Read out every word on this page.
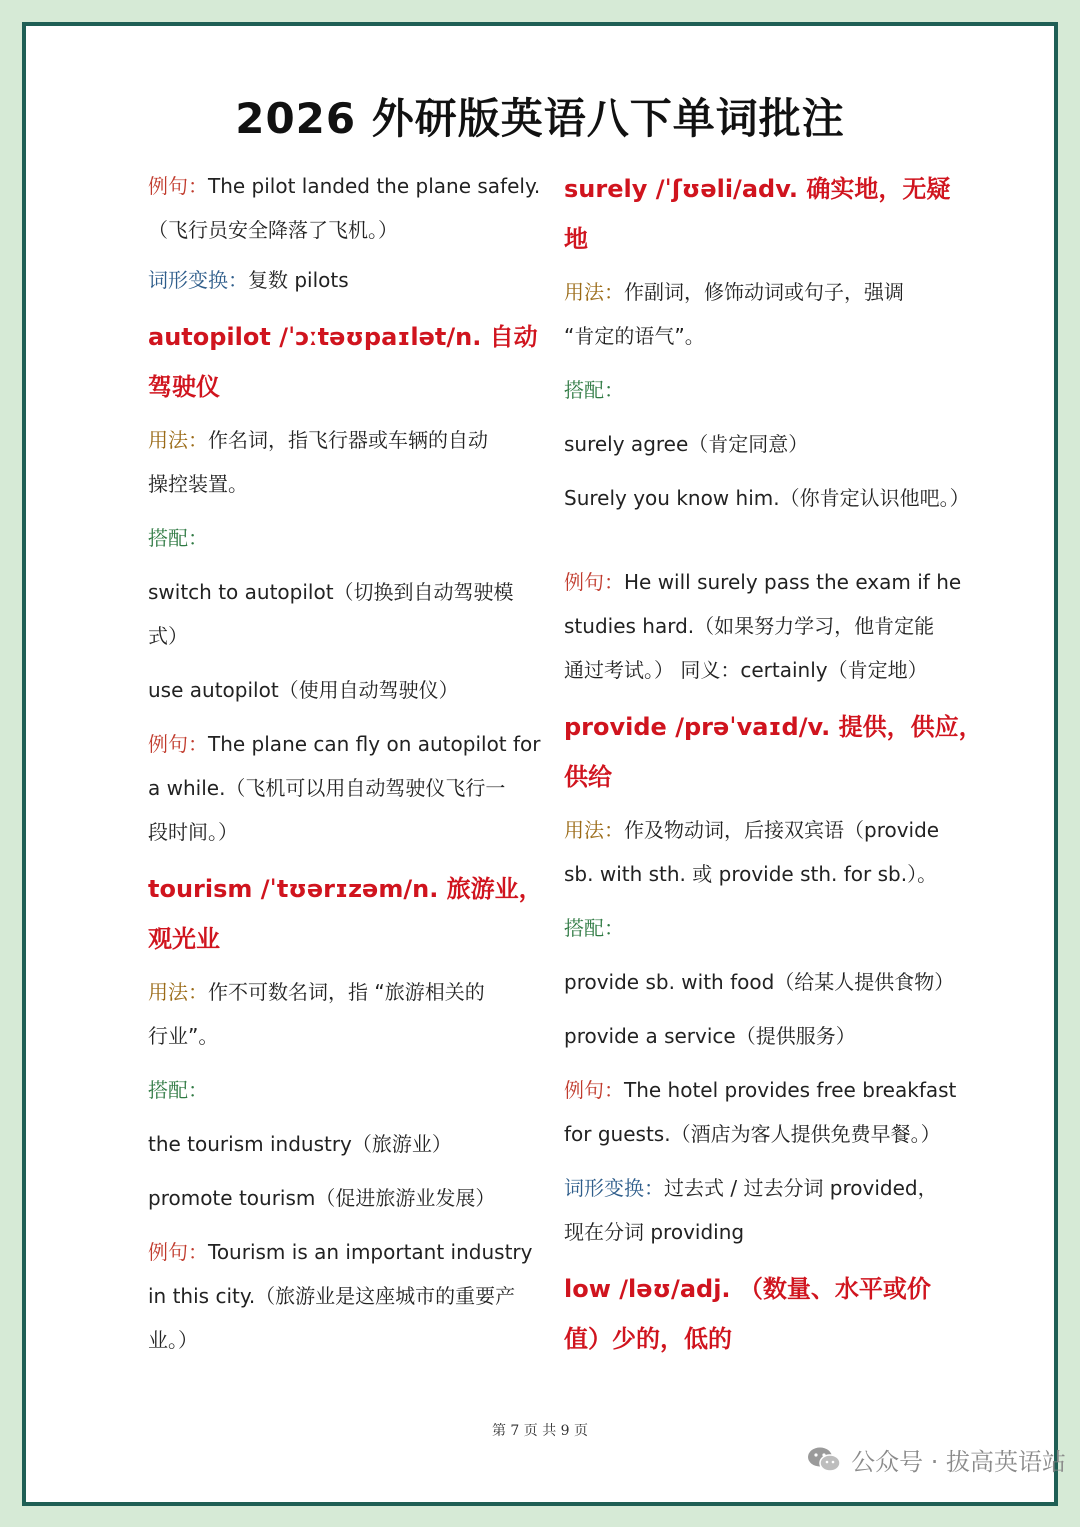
2026 外研版英语八下单词批注
例句：The pilot landed the plane safely.
（飞行员安全降落了飞机。）
词形变换：复数 pilots
autopilot /ˈɔːtəʊpaɪlət/n. 自动
驾驶仪
用法：作名词，指飞行器或车辆的自动
操控装置。
搭配：
switch to autopilot（切换到自动驾驶模
式）
use autopilot（使用自动驾驶仪）
例句：The plane can fly on autopilot for
a while.（飞机可以用自动驾驶仪飞行一
段时间。）
tourism /ˈtʊərɪzəm/n. 旅游业，
观光业
用法：作不可数名词，指 “旅游相关的
行业”。
搭配：
the tourism industry（旅游业）
promote tourism（促进旅游业发展）
例句：Tourism is an important industry
in this city.（旅游业是这座城市的重要产
业。）
surely /ˈʃʊəli/adv. 确实地，无疑
地
用法：作副词，修饰动词或句子，强调
“肯定的语气”。
搭配：
surely agree（肯定同意）
Surely you know him.（你肯定认识他吧。）
例句：He will surely pass the exam if he
studies hard.（如果努力学习，他肯定能
通过考试。） 同义：certainly（肯定地）
provide /prəˈvaɪd/v. 提供，供应，
供给
用法：作及物动词，后接双宾语（provide
sb. with sth. 或 provide sth. for sb.）。
搭配：
provide sb. with food（给某人提供食物）
provide a service（提供服务）
例句：The hotel provides free breakfast
for guests.（酒店为客人提供免费早餐。）
词形变换：过去式 / 过去分词 provided，
现在分词 providing
low /ləʊ/adj. （数量、水平或价
值）少的，低的
第 7 页 共 9 页
公众号 · 拔高英语站
